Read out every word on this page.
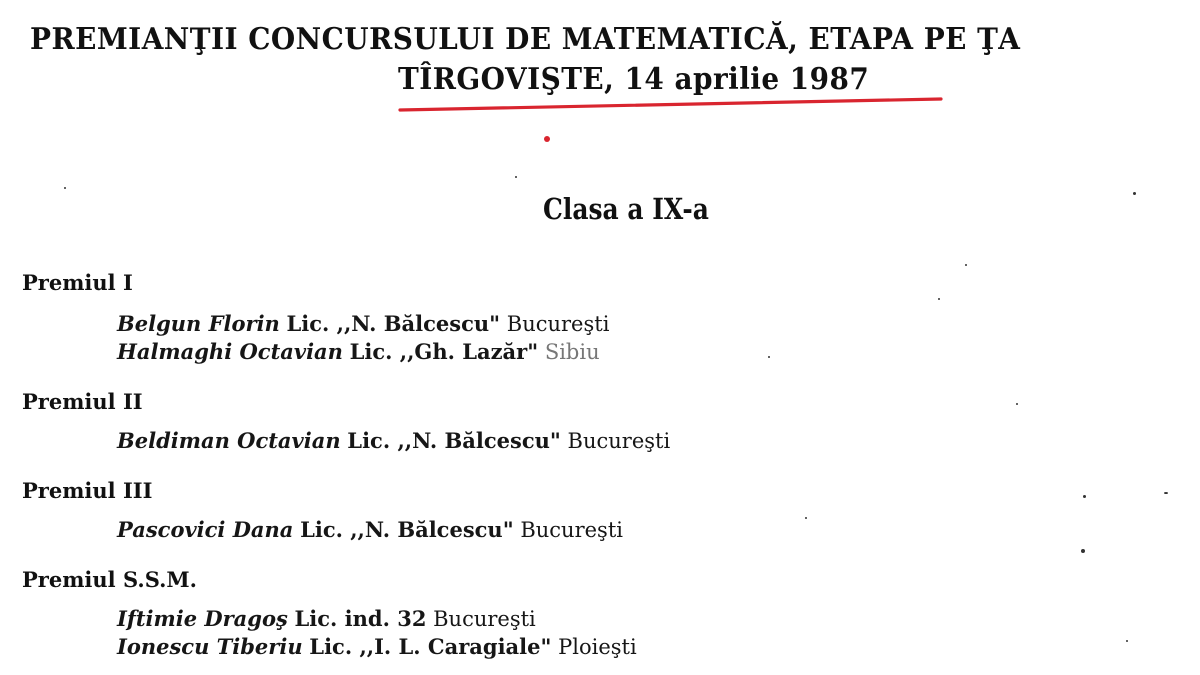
PREMIANŢII CONCURSULUI DE MATEMATICĂ, ETAPA PE ŢA
TÎRGOVIŞTE, 14 aprilie 1987
Clasa a IX-a
Premiul I
Belgun Florin Lic. ,,N. Bălcescu" Bucureşti
Halmaghi Octavian Lic. ,,Gh. Lazăr" Sibiu
Premiul II
Beldiman Octavian Lic. ,,N. Bălcescu" Bucureşti
Premiul III
Pascovici Dana Lic. ,,N. Bălcescu" Bucureşti
Premiul S.S.M.
Iftimie Dragoş Lic. ind. 32 Bucureşti
Ionescu Tiberiu Lic. ,,I. L. Caragiale" Ploieşti
